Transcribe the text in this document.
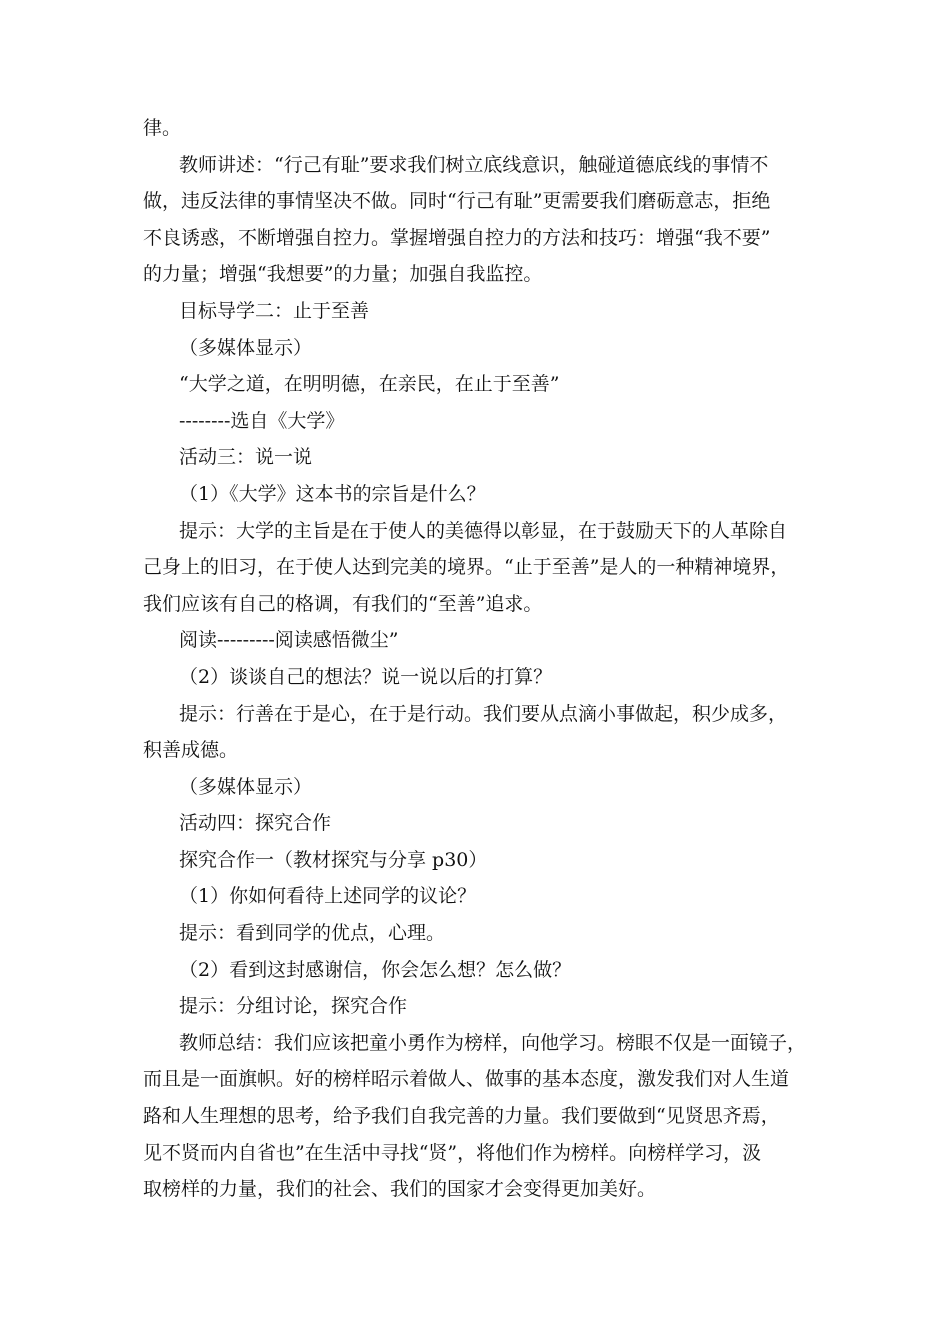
律。
教师讲述：“行己有耻”要求我们树立底线意识，触碰道德底线的事情不
做，违反法律的事情坚决不做。同时“行己有耻”更需要我们磨砺意志，拒绝
不良诱惑，不断增强自控力。掌握增强自控力的方法和技巧：增强“我不要”
的力量；增强“我想要”的力量；加强自我监控。
目标导学二：止于至善
（多媒体显示）
“大学之道，在明明德，在亲民，在止于至善”
--------选自《大学》
活动三：说一说
（1）《大学》这本书的宗旨是什么？
提示：大学的主旨是在于使人的美德得以彰显，在于鼓励天下的人革除自
己身上的旧习，在于使人达到完美的境界。“止于至善”是人的一种精神境界，
我们应该有自己的格调，有我们的“至善”追求。
阅读---------阅读感悟微尘”
（2）谈谈自己的想法？说一说以后的打算？
提示：行善在于是心，在于是行动。我们要从点滴小事做起，积少成多，
积善成德。
（多媒体显示）
活动四：探究合作
探究合作一（教材探究与分享 p30）
（1）你如何看待上述同学的议论？
提示：看到同学的优点，心理。
（2）看到这封感谢信，你会怎么想？怎么做？
提示：分组讨论，探究合作
教师总结：我们应该把童小勇作为榜样，向他学习。榜眼不仅是一面镜子，
而且是一面旗帜。好的榜样昭示着做人、做事的基本态度，激发我们对人生道
路和人生理想的思考，给予我们自我完善的力量。我们要做到“见贤思齐焉，
见不贤而内自省也”在生活中寻找“贤”，将他们作为榜样。向榜样学习，汲
取榜样的力量，我们的社会、我们的国家才会变得更加美好。
